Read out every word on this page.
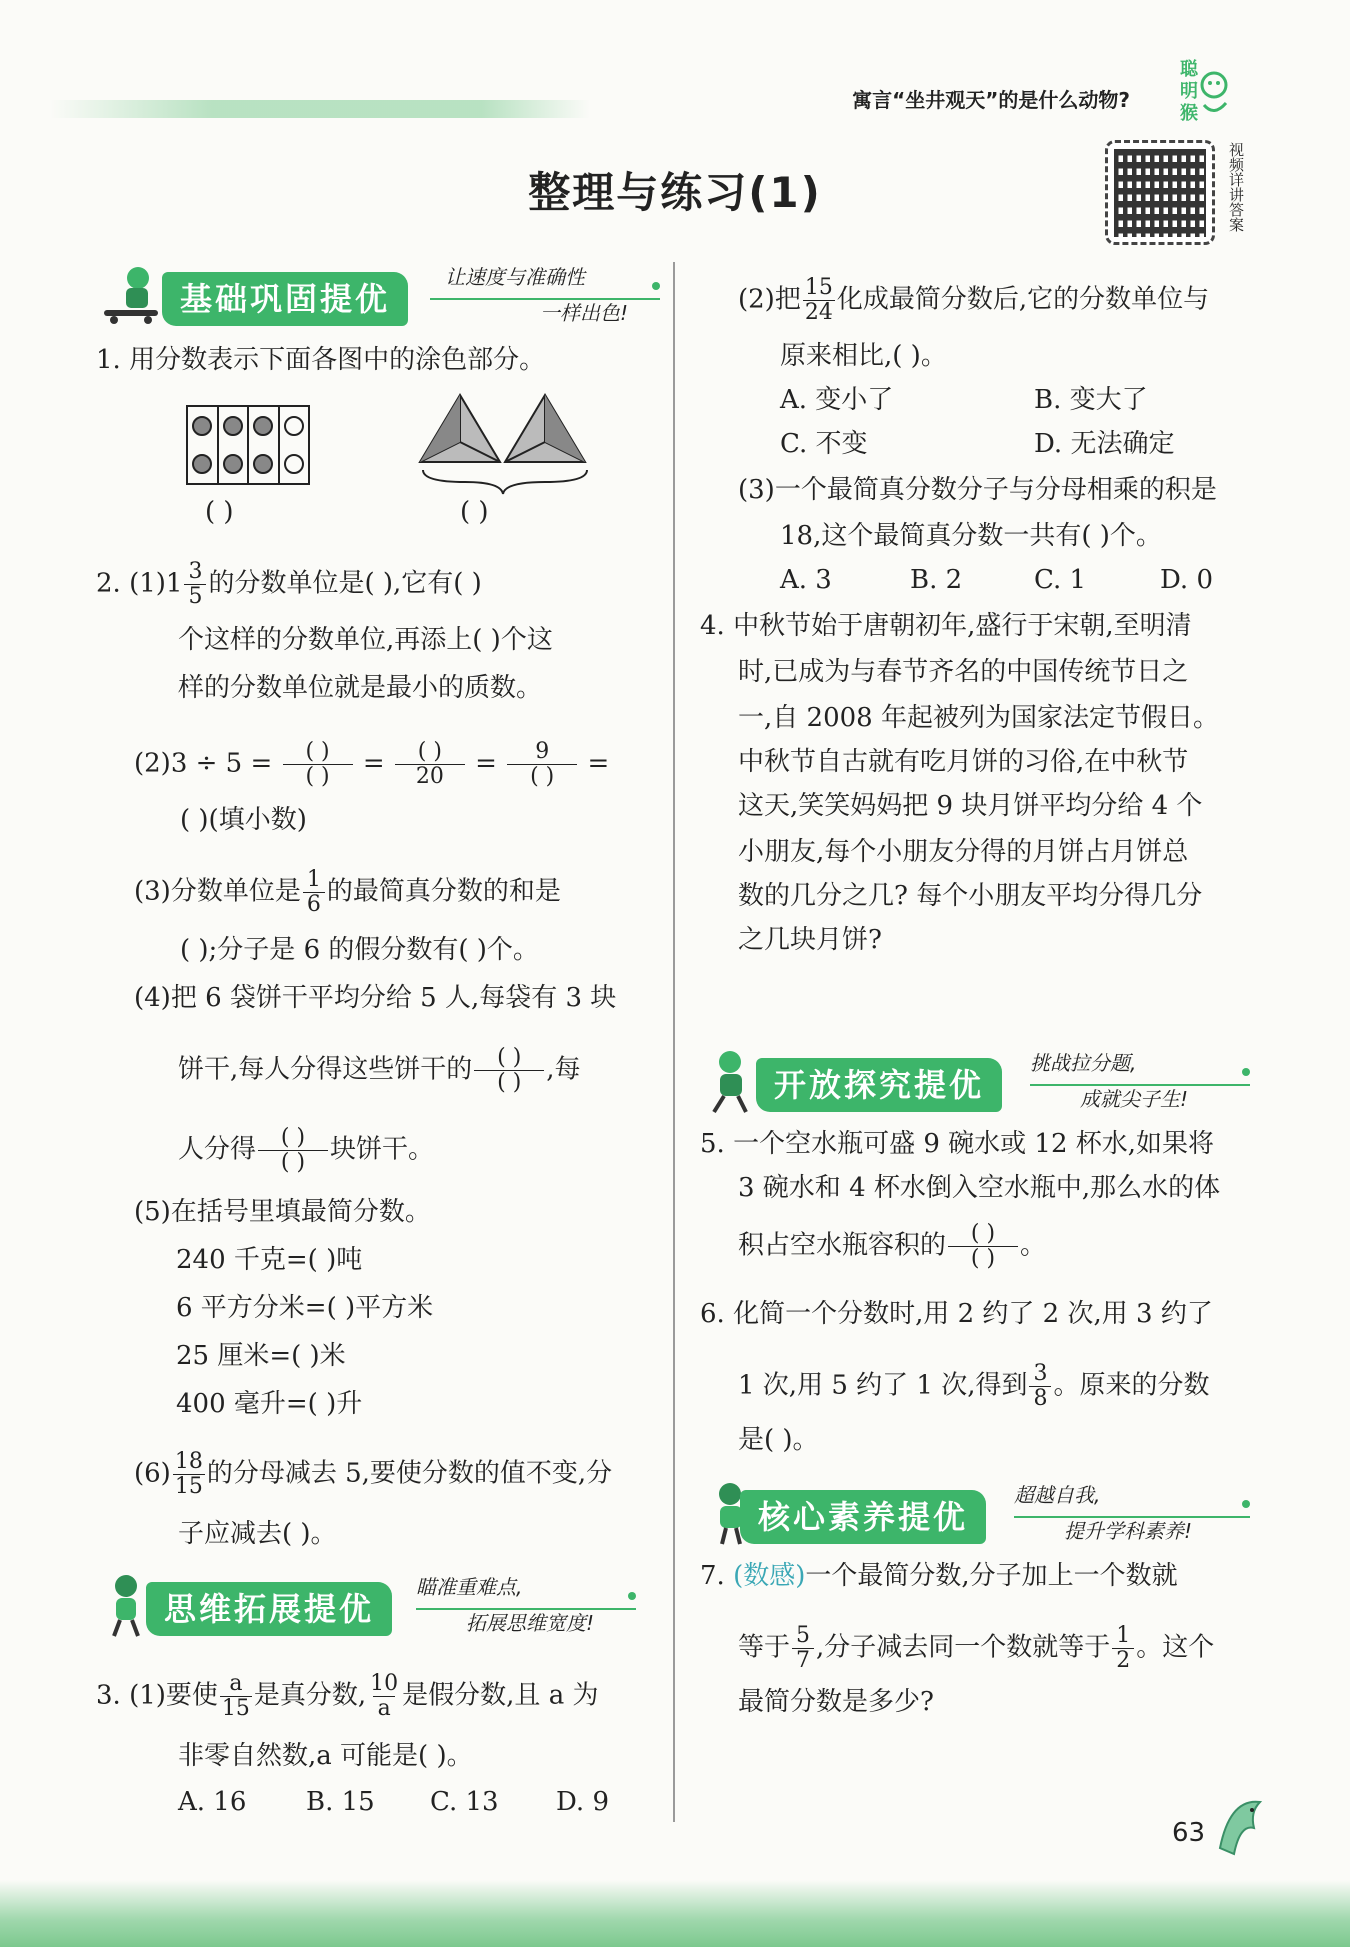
寓言“坐井观天”的是什么动物?
聪
明
猴
视频详讲答案
整理与练习(1)
基础巩固提优
让速度与准确性
一样出色!
1. 用分数表示下面各图中的涂色部分。
( )	( )
2. $(1)1 \frac{3}{5}$ 的分数单位是( ),它有( )
个这样的分数单位,再添上( )个这
样的分数单位就是最小的质数。
$(2)3 \div 5 = \frac{( )}{( )} = \frac{( )}{20} = \frac{9}{( )}$ =
( )(填小数)
(3)分数单位是 $\frac{1}{6}$ 的最简真分数的和是
( );分子是 6 的假分数有( )个。
(4)把 6 袋饼干平均分给 5 人,每袋有 3 块
饼干,每人分得这些饼干的 $\frac{( )}{( )}$ ,每
人分得 $\frac{( )}{( )}$ 块饼干。
(5)在括号里填最简分数。
240 千克=( )吨
6 平方分米=( )平方米
25 厘米=( )米
400 毫升=( )升
$(6) \frac{18}{15}$ 的分母减去 5,要使分数的值不变,分
子应减去( )。
思维拓展提优
瞄准重难点,
拓展思维宽度!
3. (1)要使 $\frac{a}{15}$ 是真分数, $\frac{10}{a}$ 是假分数,且 a 为
非零自然数,a 可能是( )。
A. 16 B. 15 C. 13 D. 9
(2)把 $\frac{15}{24}$ 化成最简分数后,它的分数单位与
原来相比,( )。
A. 变小了	B. 变大了
C. 不变	D. 无法确定
(3)一个最简真分数分子与分母相乘的积是
18,这个最简真分数一共有( )个。
A. 3	B. 2	C. 1	D. 0
4. 中秋节始于唐朝初年,盛行于宋朝,至明清
时,已成为与春节齐名的中国传统节日之
一,自 2008 年起被列为国家法定节假日。
中秋节自古就有吃月饼的习俗,在中秋节
这天,笑笑妈妈把 9 块月饼平均分给 4 个
小朋友,每个小朋友分得的月饼占月饼总
数的几分之几? 每个小朋友平均分得几分
之几块月饼?
开放探究提优
挑战拉分题,
成就尖子生!
5. 一个空水瓶可盛 9 碗水或 12 杯水,如果将
3 碗水和 4 杯水倒入空水瓶中,那么水的体
积占空水瓶容积的 $\frac{( )}{( )}$ 。
6. 化简一个分数时,用 2 约了 2 次,用 3 约了
1 次,用 5 约了 1 次,得到 $\frac{3}{8}$ 。原来的分数
是( )。
核心素养提优
超越自我,
提升学科素养!
7. (数感)一个最简分数,分子加上一个数就
等于 $\frac{5}{7}$ ,分子减去同一个数就等于 $\frac{1}{2}$ 。这个
最简分数是多少?
63
